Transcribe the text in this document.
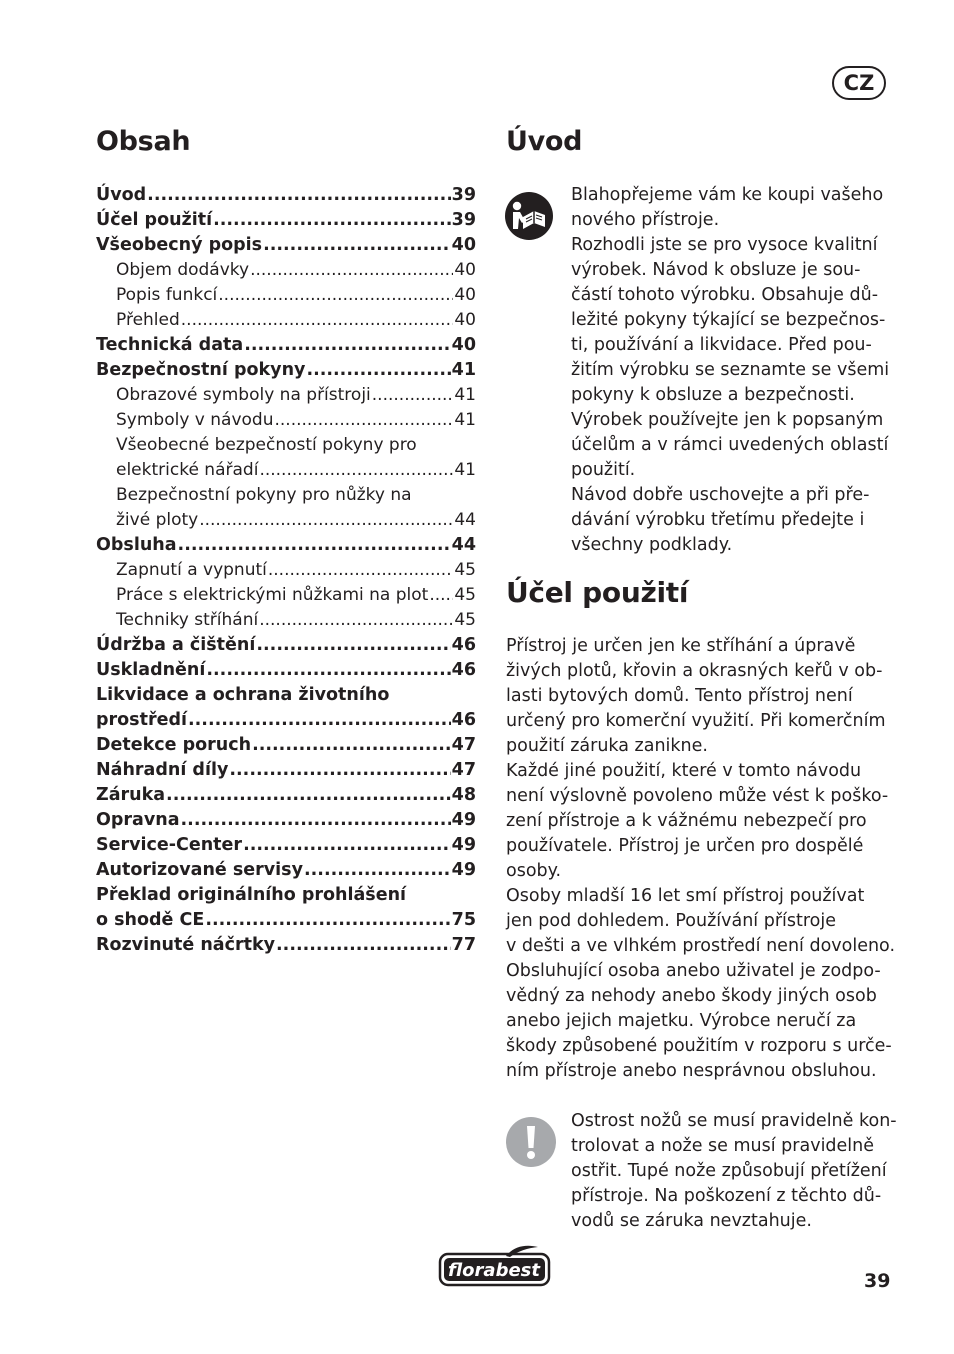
CZ
Obsah
Úvod .....	39
Účel použití .....	39
Všeobecný popis .....	40
Objem dodávky .....	40
Popis funkcí .....	40
Přehled .....	40
Technická data .....	40
Bezpečnostní pokyny .....	41
Obrazové symboly na přístroji .....	41
Symboly v návodu .....	41
Všeobecné bezpečností pokyny pro
elektrické nářadí .....	41
Bezpečnostní pokyny pro nůžky na
živé ploty .....	44
Obsluha .....	44
Zapnutí a vypnutí .....	45
Práce s elektrickými nůžkami na plot ..... 45
Techniky stříhání .....	45
Údržba a čištění .....	46
Uskladnění .....	46
Likvidace a ochrana životního
prostředí .....	46
Detekce poruch .....	47
Náhradní díly .....	47
Záruka .....	48
Opravna .....	49
Service-Center .....	49
Autorizované servisy .....	49
Překlad originálního prohlášení
o shodě CE .....	75
Rozvinuté náčrtky .....	77
Úvod
Blahopřejeme vám ke koupi vašeho
nového přístroje.
Rozhodli jste se pro vysoce kvalitní
výrobek. Návod k obsluze je sou-
částí tohoto výrobku. Obsahuje dů-
ležité pokyny týkající se bezpečnos-
ti, používání a likvidace. Před pou-
žitím výrobku se seznamte se všemi
pokyny k obsluze a bezpečnosti.
Výrobek používejte jen k popsaným
účelům a v rámci uvedených oblastí
použití.
Návod dobře uschovejte a při pře-
dávání výrobku třetímu předejte i
všechny podklady.
Účel použití
Přístroj je určen jen ke stříhání a úpravě
živých plotů, křovin a okrasných keřů v ob-
lasti bytových domů. Tento přístroj není
určený pro komerční využití. Při komerčním
použití záruka zanikne.
Každé jiné použití, které v tomto návodu
není výslovně povoleno může vést k poško-
zení přístroje a k vážnému nebezpečí pro
používatele. Přístroj je určen pro dospělé
osoby.
Osoby mladší 16 let smí přístroj používat
jen pod dohledem. Používání přístroje
v dešti a ve vlhkém prostředí není dovoleno.
Obsluhující osoba anebo uživatel je zodpo-
vědný za nehody anebo škody jiných osob
anebo jejich majetku. Výrobce neručí za
škody způsobené použitím v rozporu s urče-
ním přístroje anebo nesprávnou obsluhou.
Ostrost nožů se musí pravidelně kon-
trolovat a nože se musí pravidelně
ostřit. Tupé nože způsobují přetížení
přístroje. Na poškození z těchto dů-
vodů se záruka nevztahuje.
florabest	39
